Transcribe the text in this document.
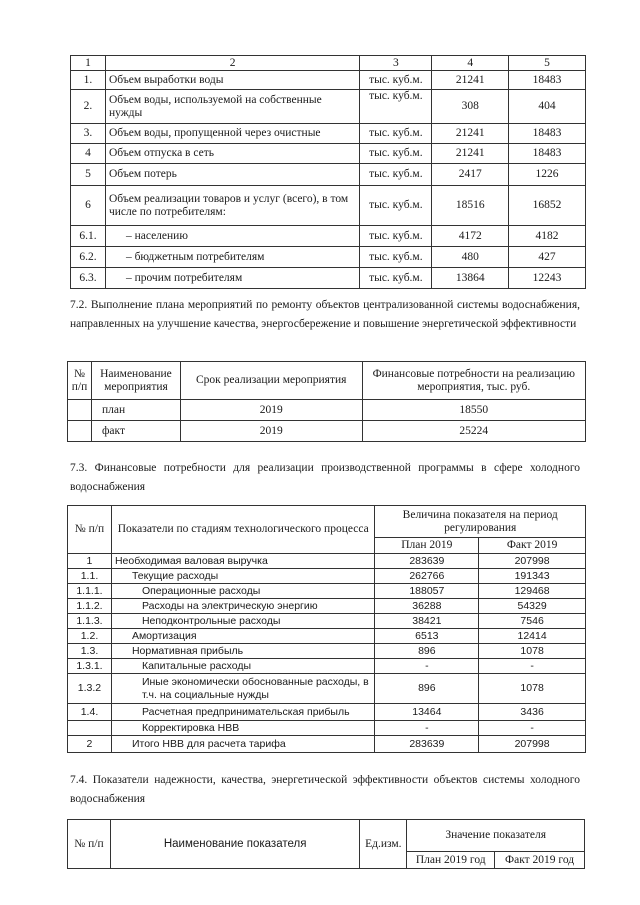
1	2	3	4	5
1.	Объем выработки воды	тыс. куб.м.	21241	18483
2.	Объем воды, используемой на собственные нужды	тыс. куб.м.	308	404
3.	Объем воды, пропущенной через очистные	тыс. куб.м.	21241	18483
4	Объем отпуска в сеть	тыс. куб.м.	21241	18483
5	Объем потерь	тыс. куб.м.	2417	1226
6	Объем реализации товаров и услуг (всего), в том числе по потребителям:	тыс. куб.м.	18516	16852
6.1.	– населению	тыс. куб.м.	4172	4182
6.2.	– бюджетным потребителям	тыс. куб.м.	480	427
6.3.	– прочим потребителям	тыс. куб.м.	13864	12243
7.2. Выполнение плана мероприятий по ремонту объектов централизованной системы водоснабжения, направленных на улучшение качества, энергосбережение и повышение энергетической эффективности
№ п/п	Наименование мероприятия	Срок реализации мероприятия	Финансовые потребности на реализацию мероприятия, тыс. руб.
	план	2019	18550
	факт	2019	25224
7.3. Финансовые потребности для реализации производственной программы в сфере холодного водоснабжения
№ п/п	Показатели по стадиям технологического процесса	Величина показателя на период регулирования	
		План 2019	Факт 2019
1	Необходимая валовая выручка	283639	207998
1.1.	Текущие расходы	262766	191343
1.1.1.	Операционные расходы	188057	129468
1.1.2.	Расходы на электрическую энергию	36288	54329
1.1.3.	Неподконтрольные расходы	38421	7546
1.2.	Амортизация	6513	12414
1.3.	Нормативная прибыль	896	1078
1.3.1.	Капитальные расходы	-	-
1.3.2	Иные экономически обоснованные расходы, в т.ч. на социальные нужды	896	1078
1.4.	Расчетная предпринимательская прибыль	13464	3436
	Корректировка НВВ	-	-
2	Итого НВВ для расчета тарифа	283639	207998
7.4. Показатели надежности, качества, энергетической эффективности объектов системы холодного водоснабжения
№ п/п	Наименование показателя	Ед.изм.	Значение показателя	
			План 2019 год	Факт 2019 год
